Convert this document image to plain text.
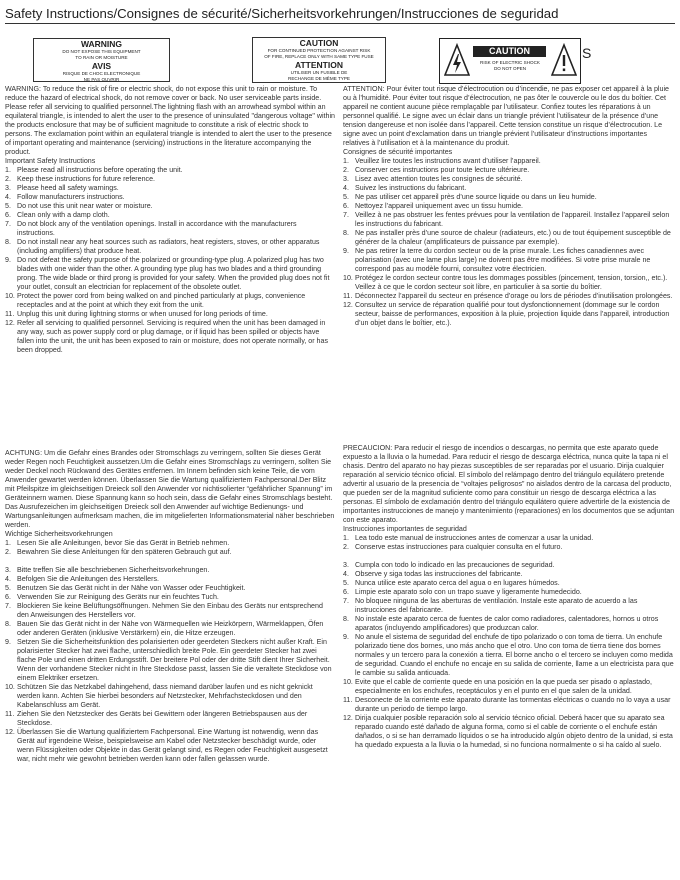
Safety Instructions/Consignes de sécurité/Sicherheitsvorkehrungen/Instrucciones de seguridad
WARNING
DO NOT EXPOSE THIS EQUIPMENT
TO RAIN OR MOISTURE
AVIS
RISQUE DE CHOC ELECTRONIQUE
NE PAS OUVRIR
CAUTION
FOR CONTINUED PROTECTION AGAINST RISK
OF FIRE, REPLACE ONLY WITH SAME TYPE FUSE
ATTENTION
UTILISER UN FUSIBLE DE
RECHANGE DE MÊME TYPE
CAUTION
RISK OF ELECTRIC SHOCK
DO NOT OPEN
S

WARNING: To reduce the risk of fire or electric shock, do not expose this unit to rain or moisture. To reduce the hazard of electrical shock, do not remove cover or back. No user serviceable parts inside. Please refer all servicing to qualified personnel.The lightning flash with an arrowhead symbol within an equilateral triangle, is intended to alert the user to the presence of uninsulated "dangerous voltage" within the products enclosure that may be of sufficient magnitude to constitute a risk of electric shock to persons. The exclamation point within an equilateral triangle is intended to alert the user to the presence of important operating and maintenance (servicing) instructions in the literature accompanying the product.

Important Safety Instructions

1. Please read all instructions before operating the unit.
2. Keep these instructions for future reference.
3. Please heed all safety warnings.
4. Follow manufacturers instructions.
5. Do not use this unit near water or moisture.
6. Clean only with a damp cloth.
7. Do not block any of the ventilation openings. Install in accordance with the manufacturers instructions.
8. Do not install near any heat sources such as radiators, heat registers, stoves, or other apparatus (including amplifiers) that produce heat.
9. Do not defeat the safety purpose of the polarized or grounding-type plug. A polarized plug has two blades with one wider than the other. A grounding type plug has two blades and a third grounding prong. The wide blade or third prong is provided for your safety. When the provided plug does not fit your outlet, consult an electrician for replacement of the obsolete outlet.
10. Protect the power cord from being walked on and pinched particularly at plugs, convenience receptacles and at the point at which they exit from the unit.
11. Unplug this unit during lightning storms or when unused for long periods of time.
12. Refer all servicing to qualified personnel. Servicing is required when the unit has been damaged in any way, such as power supply cord or plug damage, or if liquid has been spilled or objects have fallen into the unit, the unit has been exposed to rain or moisture, does not operate normally, or has been dropped.

ATTENTION: Pour éviter tout risque d’électrocution ou d’incendie, ne pas exposer cet appareil à la pluie ou à l’humidité. Pour éviter tout risque d’électrocution, ne pas ôter le couvercle ou le dos du boîtier. Cet appareil ne contient aucune pièce remplaçable par l’utilisateur. Confiez toutes les réparations à un personnel qualifié. Le signe avec un éclair dans un triangle prévient l’utilisateur de la présence d’une tension dangereuse et non isolée dans l’appareil. Cette tension constitue un risque d’électrocution. Le signe avec un point d’exclamation dans un triangle prévient l’utilisateur d’instructions importantes relatives à l’utilisation et à la maintenance du produit.

Consignes de sécurité importantes

1. Veuillez lire toutes les instructions avant d’utiliser l’appareil.
2. Conserver ces instructions pour toute lecture ultérieure.
3. Lisez avec attention toutes les consignes de sécurité.
4. Suivez les instructions du fabricant.
5. Ne pas utiliser cet appareil près d’une source liquide ou dans un lieu humide.
6. Nettoyez l’appareil uniquement avec un tissu humide.
7. Veillez à ne pas obstruer les fentes prévues pour la ventilation de l’appareil. Installez l’appareil selon les instructions du fabricant.
8. Ne pas installer près d’une source de chaleur (radiateurs, etc.) ou de tout équipement susceptible de générer de la chaleur (amplificateurs de puissance par exemple).
9. Ne pas retirer la terre du cordon secteur ou de la prise murale. Les fiches canadiennes avec polarisation (avec une lame plus large) ne doivent pas être modifiées. Si votre prise murale ne correspond pas au modèle fourni, consultez votre électricien.
10. Protégez le cordon secteur contre tous les dommages possibles (pincement, tension, torsion,, etc.). Veillez à ce que le cordon secteur soit libre, en particulier à sa sortie du boîtier.
11. Déconnectez l’appareil du secteur en présence d’orage ou lors de périodes d’inutilisation prolongées.
12. Consultez un service de réparation qualifié pour tout dysfonctionnement (dommage sur le cordon secteur, baisse de performances, exposition à la pluie, projection liquide dans l’appareil, introduction d’un objet dans le boîtier, etc.).

ACHTUNG: Um die Gefahr eines Brandes oder Stromschlags zu verringern, sollten Sie dieses Gerät weder Regen noch Feuchtigkeit aussetzen.Um die Gefahr eines Stromschlags zu verringern, sollten Sie weder Deckel noch Rückwand des Gerätes entfernen. Im Innern befinden sich keine Teile, die vom Anwender gewartet werden können. Überlassen Sie die Wartung qualifiziertem Fachpersonal.Der Blitz mit Pfeilspitze im gleichseitigen Dreieck soll den Anwender vor nichtisolierter “gefährlicher Spannung” im Geräteinnern warnen. Diese Spannung kann so hoch sein, dass die Gefahr eines Stromschlags besteht. Das Ausrufezeichen im gleichseitigen Dreieck soll den Anwender auf wichtige Bedienungs- und Wartungsanleitungen aufmerksam machen, die im mitgelieferten Informationsmaterial näher beschrieben werden.

Wichtige Sicherheitsvorkehrungen

1. Lesen Sie alle Anleitungen, bevor Sie das Gerät in Betrieb nehmen.
2. Bewahren Sie diese Anleitungen für den späteren Gebrauch gut auf.
3. Bitte treffen Sie alle beschriebenen Sicherheitsvorkehrungen.
4. Befolgen Sie die Anleitungen des Herstellers.
5. Benutzen Sie das Gerät nicht in der Nähe von Wasser oder Feuchtigkeit.
6. Verwenden Sie zur Reinigung des Geräts nur ein feuchtes Tuch.
7. Blockieren Sie keine Belüftungsöffnungen. Nehmen Sie den Einbau des Geräts nur entsprechend den Anweisungen des Herstellers vor.
8. Bauen Sie das Gerät nicht in der Nähe von Wärmequellen wie Heizkörpern, Wärmeklappen, Öfen oder anderen Geräten (inklusive Verstärkern) ein, die Hitze erzeugen.
9. Setzen Sie die Sicherheitsfunktion des polarisierten oder geerdeten Steckers nicht außer Kraft. Ein polarisierter Stecker hat zwei flache, unterschiedlich breite Pole. Ein geerdeter Stecker hat zwei flache Pole und einen dritten Erdungsstift. Der breitere Pol oder der dritte Stift dient Ihrer Sicherheit. Wenn der vorhandene Stecker nicht in Ihre Steckdose passt, lassen Sie die veraltete Steckdose von einem Elektriker ersetzen.
10. Schützen Sie das Netzkabel dahingehend, dass niemand darüber laufen und es nicht geknickt werden kann. Achten Sie hierbei besonders auf Netzstecker, Mehrfachsteckdosen und den Kabelanschluss am Gerät.
11. Ziehen Sie den Netzstecker des Geräts bei Gewittern oder längeren Betriebspausen aus der Steckdose.
12. Überlassen Sie die Wartung qualifiziertem Fachpersonal. Eine Wartung ist notwendig, wenn das Gerät auf irgendeine Weise, beispielsweise am Kabel oder Netzstecker beschädigt wurde, oder wenn Flüssigkeiten oder Objekte in das Gerät gelangt sind, es Regen oder Feuchtigkeit ausgesetzt war, nicht mehr wie gewohnt betrieben werden kann oder fallen gelassen wurde.

PRECAUCION: Para reducir el riesgo de incendios o descargas, no permita que este aparato quede expuesto a la lluvia o la humedad. Para reducir el riesgo de descarga eléctrica, nunca quite la tapa ni el chasis. Dentro del aparato no hay piezas susceptibles de ser reparadas por el usuario. Dirija cualquier reparación al servicio técnico oficial. El símbolo del relámpago dentro del triángulo equilátero pretende advertir al usuario de la presencia de “voltajes peligrosos” no aislados dentro de la carcasa del producto, que pueden ser de la magnitud suficiente como para constituir un riesgo de descarga eléctrica a las personas. El símbolo de exclamación dentro del triángulo equilátero quiere advertirle de la existencia de importantes instrucciones de manejo y mantenimiento (reparaciones) en los documentos que se adjuntan con este aparato.

Instrucciones importantes de seguridad

1. Lea todo este manual de instrucciones antes de comenzar a usar la unidad.
2. Conserve estas instrucciones para cualquier consulta en el futuro.
3. Cumpla con todo lo indicado en las precauciones de seguridad.
4. Observe y siga todas las instrucciones del fabricante.
5. Nunca utilice este aparato cerca del agua o en lugares húmedos.
6. Limpie este aparato solo con un trapo suave y ligeramente humedecido.
7. No bloquee ninguna de las aberturas de ventilación. Instale este aparato de acuerdo a las instrucciones del fabricante.
8. No instale este aparato cerca de fuentes de calor como radiadores, calentadores, hornos u otros aparatos (incluyendo amplificadores) que produzcan calor.
9. No anule el sistema de seguridad del enchufe de tipo polarizado o con toma de tierra. Un enchufe polarizado tiene dos bornes, uno más ancho que el otro. Uno con toma de tierra tiene dos bornes normales y un tercero para la conexión a tierra. El borne ancho o el tercero se incluyen como medida de seguridad. Cuando el enchufe no encaje en su salida de corriente, llame a un electricista para que le cambie su salida anticuada.
10. Evite que el cable de corriente quede en una posición en la que pueda ser pisado o aplastado, especialmente en los enchufes, receptáculos y en el punto en el que salen de la unidad.
11. Desconecte de la corriente este aparato durante las tormentas eléctricas o cuando no lo vaya a usar durante un periodo de tiempo largo.
12. Dirija cualquier posible reparación solo al servicio técnico oficial. Deberá hacer que su aparato sea reparado cuando esté dañado de alguna forma, como si el cable de corriente o el enchufe están dañados, o si se han derramado líquidos o se ha introducido algún objeto dentro de la unidad, si esta ha quedado expuesta a la lluvia o la humedad, si no funciona normalmente o si ha caído al suelo.
